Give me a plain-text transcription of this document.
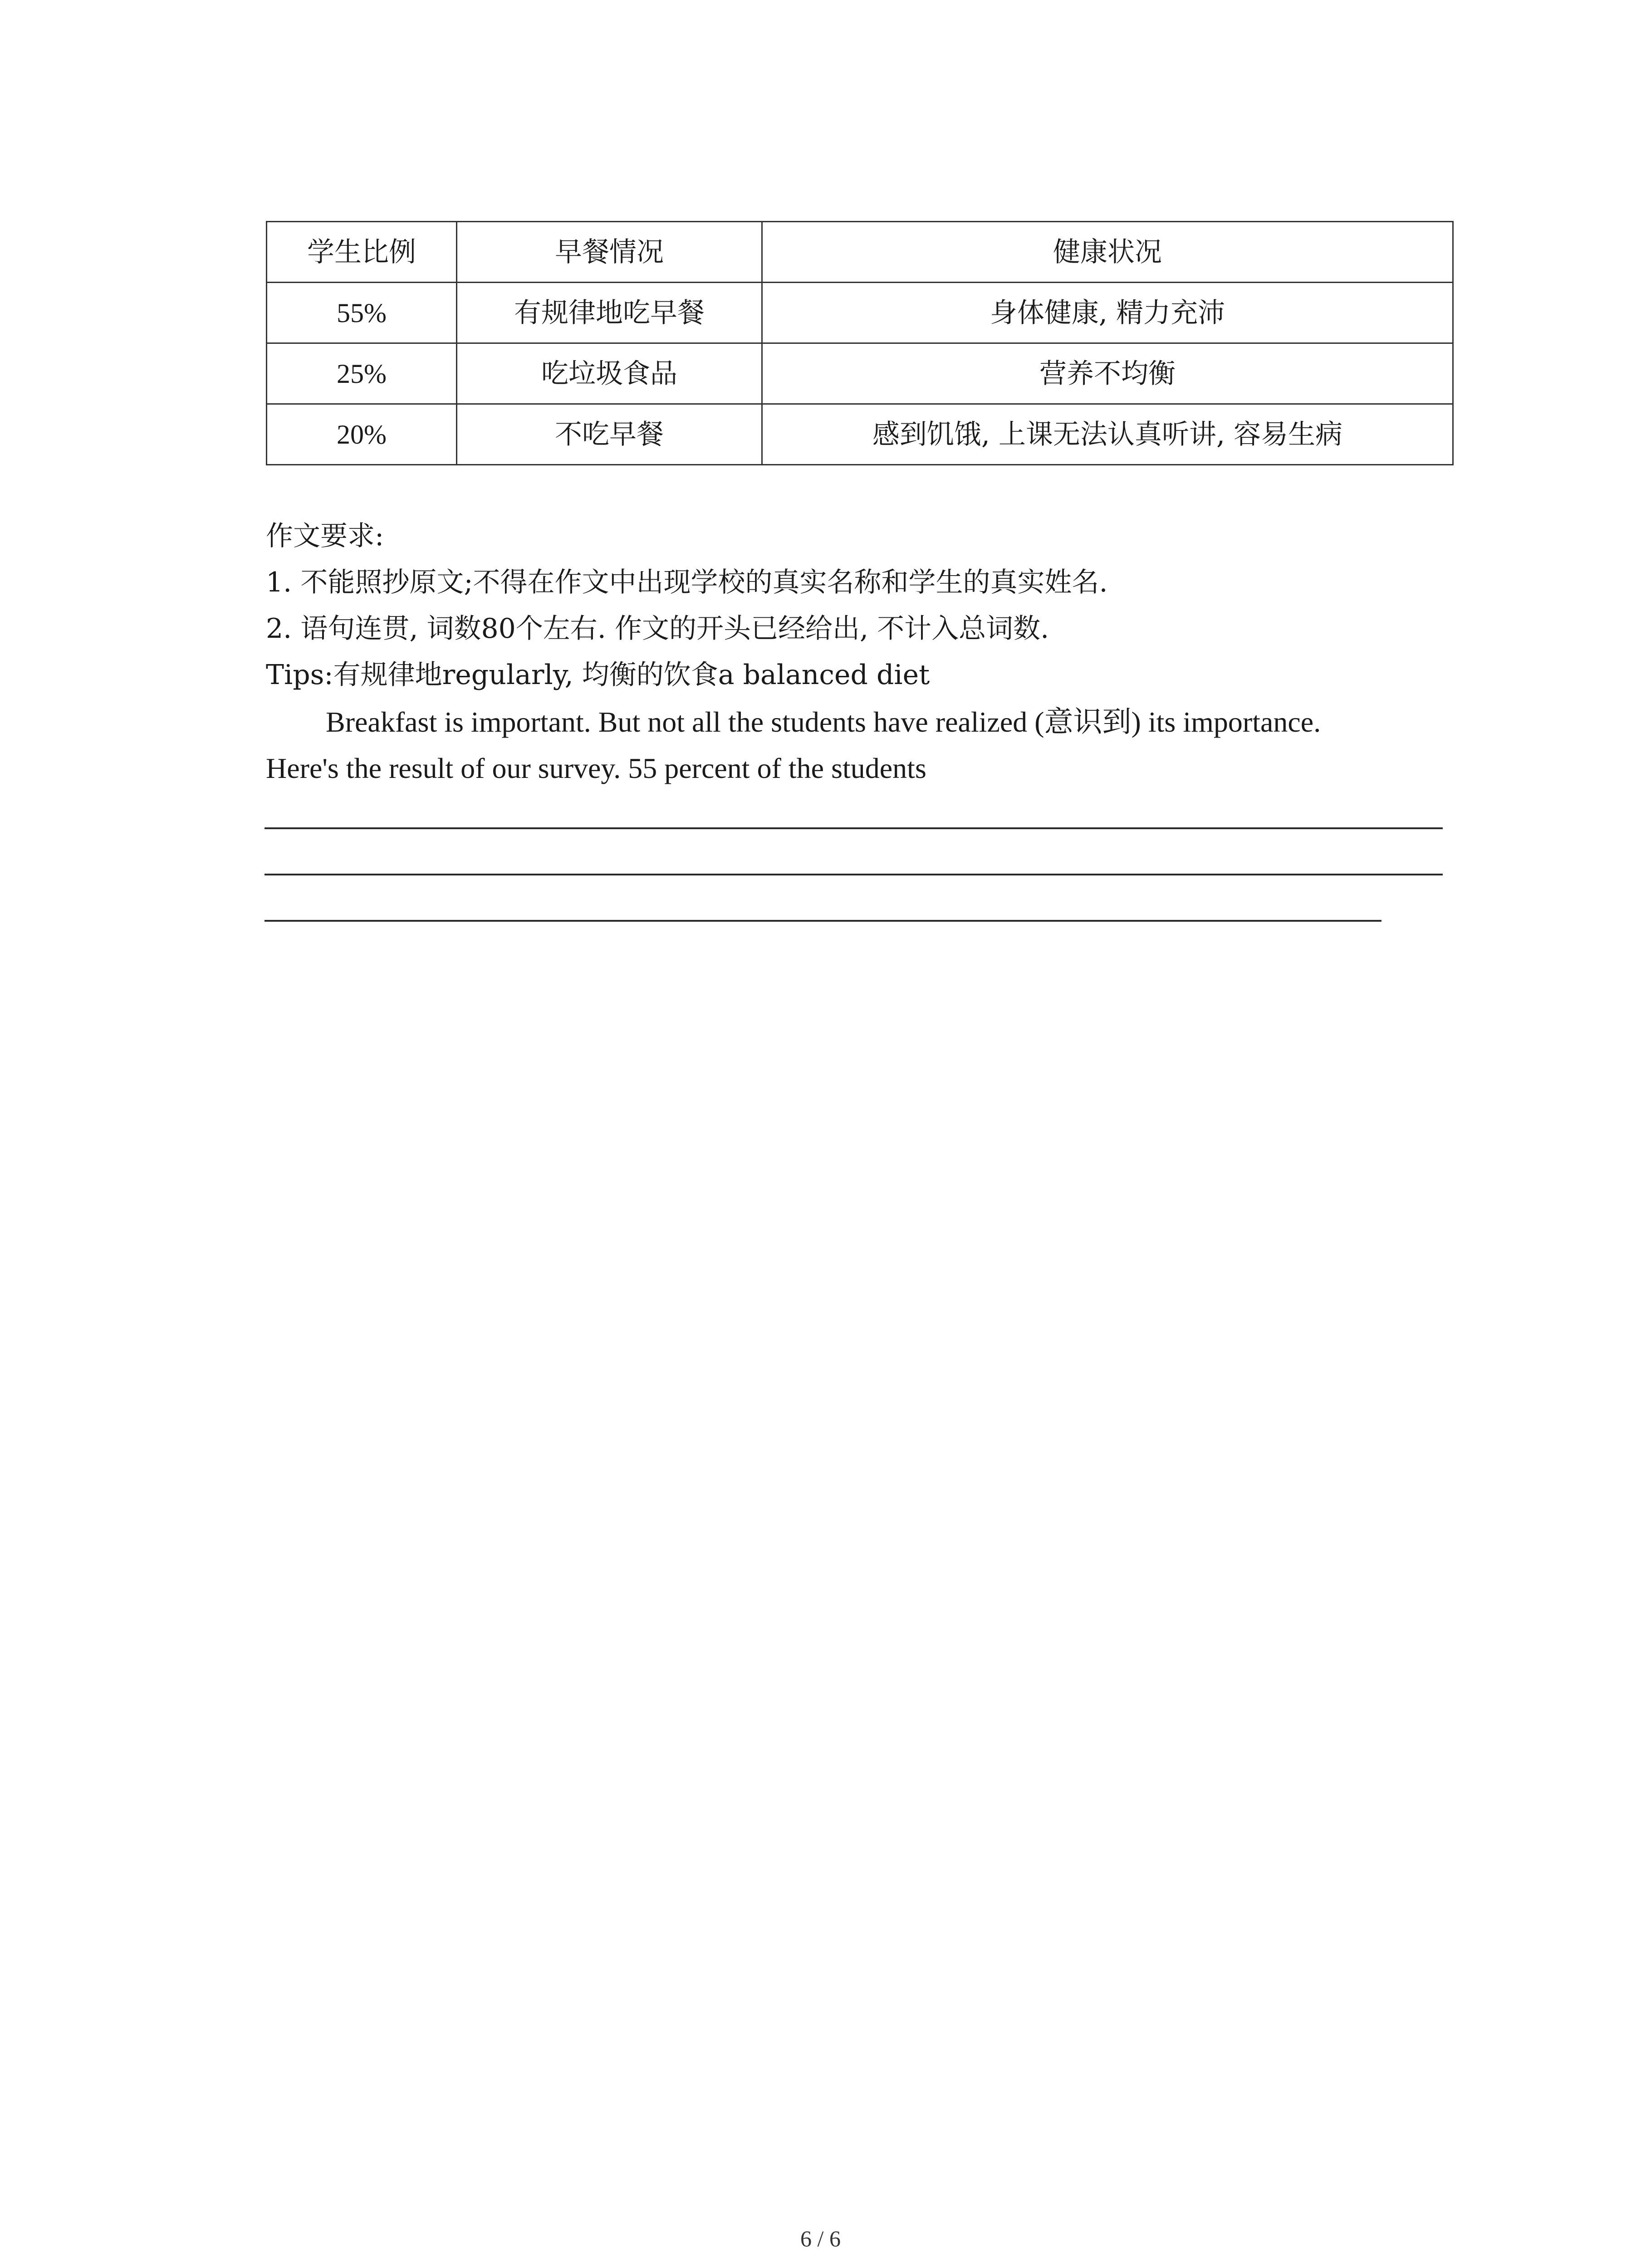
学生比例	早餐情况	健康状况
55%	有规律地吃早餐	身体健康, 精力充沛
25%	吃垃圾食品	营养不均衡
20%	不吃早餐	感到饥饿, 上课无法认真听讲, 容易生病
作文要求:
1. 不能照抄原文;不得在作文中出现学校的真实名称和学生的真实姓名.
2. 语句连贯, 词数80个左右. 作文的开头已经给出, 不计入总词数.
Tips:有规律地regularly, 均衡的饮食a balanced diet
Breakfast is important. But not all the students have realized (意识到) its importance.
Here's the result of our survey. 55 percent of the students
6 / 6
